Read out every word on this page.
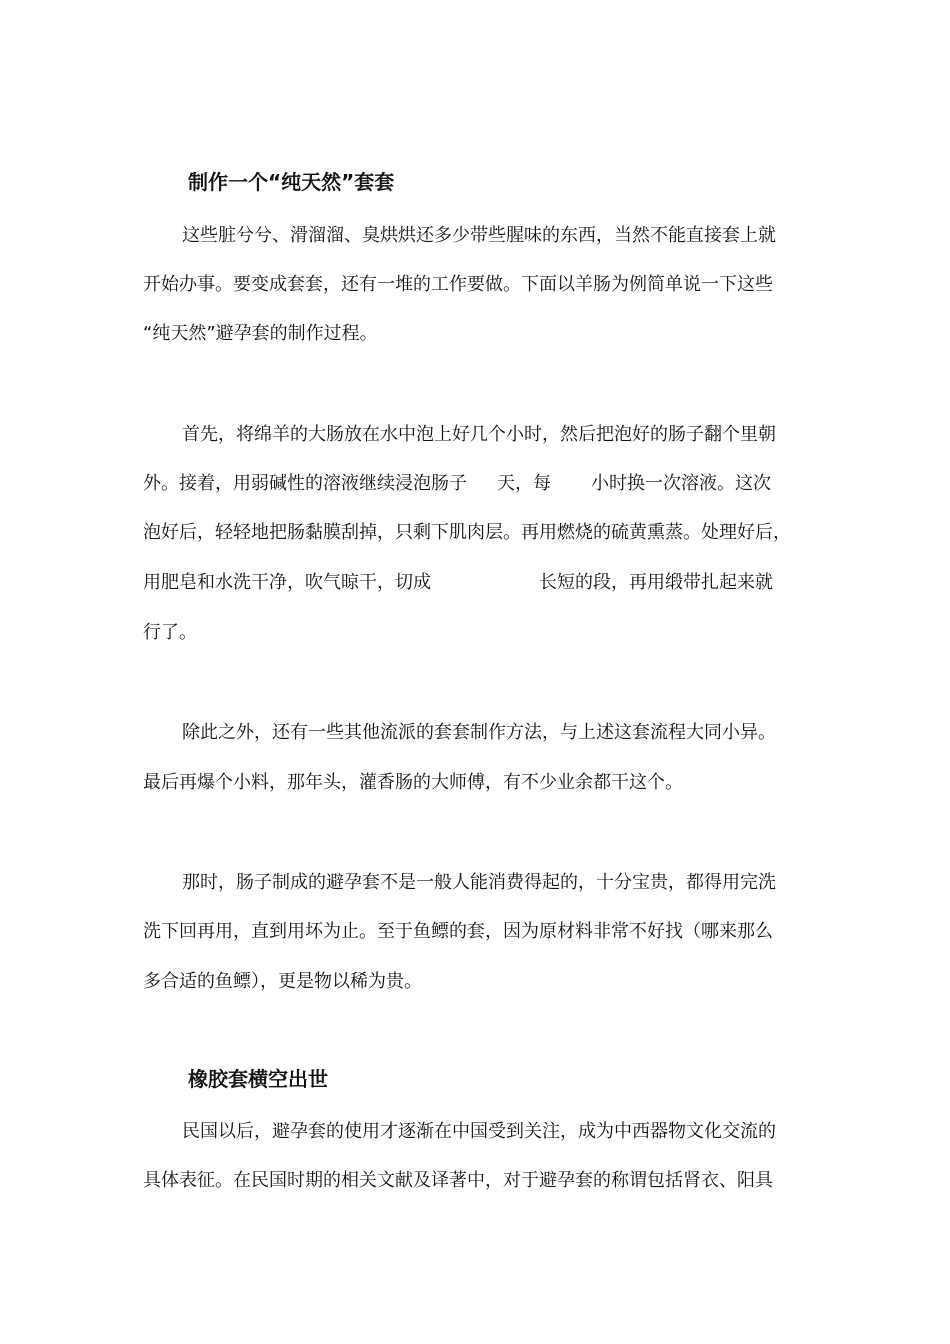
制作一个“纯天然”套套
这些脏兮兮、滑溜溜、臭烘烘还多少带些腥味的东西，当然不能直接套上就
开始办事。要变成套套，还有一堆的工作要做。下面以羊肠为例简单说一下这些
“纯天然”避孕套的制作过程。
首先，将绵羊的大肠放在水中泡上好几个小时，然后把泡好的肠子翻个里朝
外。接着，用弱碱性的溶液继续浸泡肠子 天，每 小时换一次溶液。这次
泡好后，轻轻地把肠黏膜刮掉，只剩下肌肉层。再用燃烧的硫黄熏蒸。处理好后，
用肥皂和水洗干净，吹气晾干，切成	长短的段，再用缎带扎起来就
行了。
除此之外，还有一些其他流派的套套制作方法，与上述这套流程大同小异。
最后再爆个小料，那年头，灌香肠的大师傅，有不少业余都干这个。
那时，肠子制成的避孕套不是一般人能消费得起的，十分宝贵，都得用完洗
洗下回再用，直到用坏为止。至于鱼鳔的套，因为原材料非常不好找（哪来那么
多合适的鱼鳔），更是物以稀为贵。
橡胶套横空出世
民国以后，避孕套的使用才逐渐在中国受到关注，成为中西器物文化交流的
具体表征。在民国时期的相关文献及译著中，对于避孕套的称谓包括肾衣、阳具
